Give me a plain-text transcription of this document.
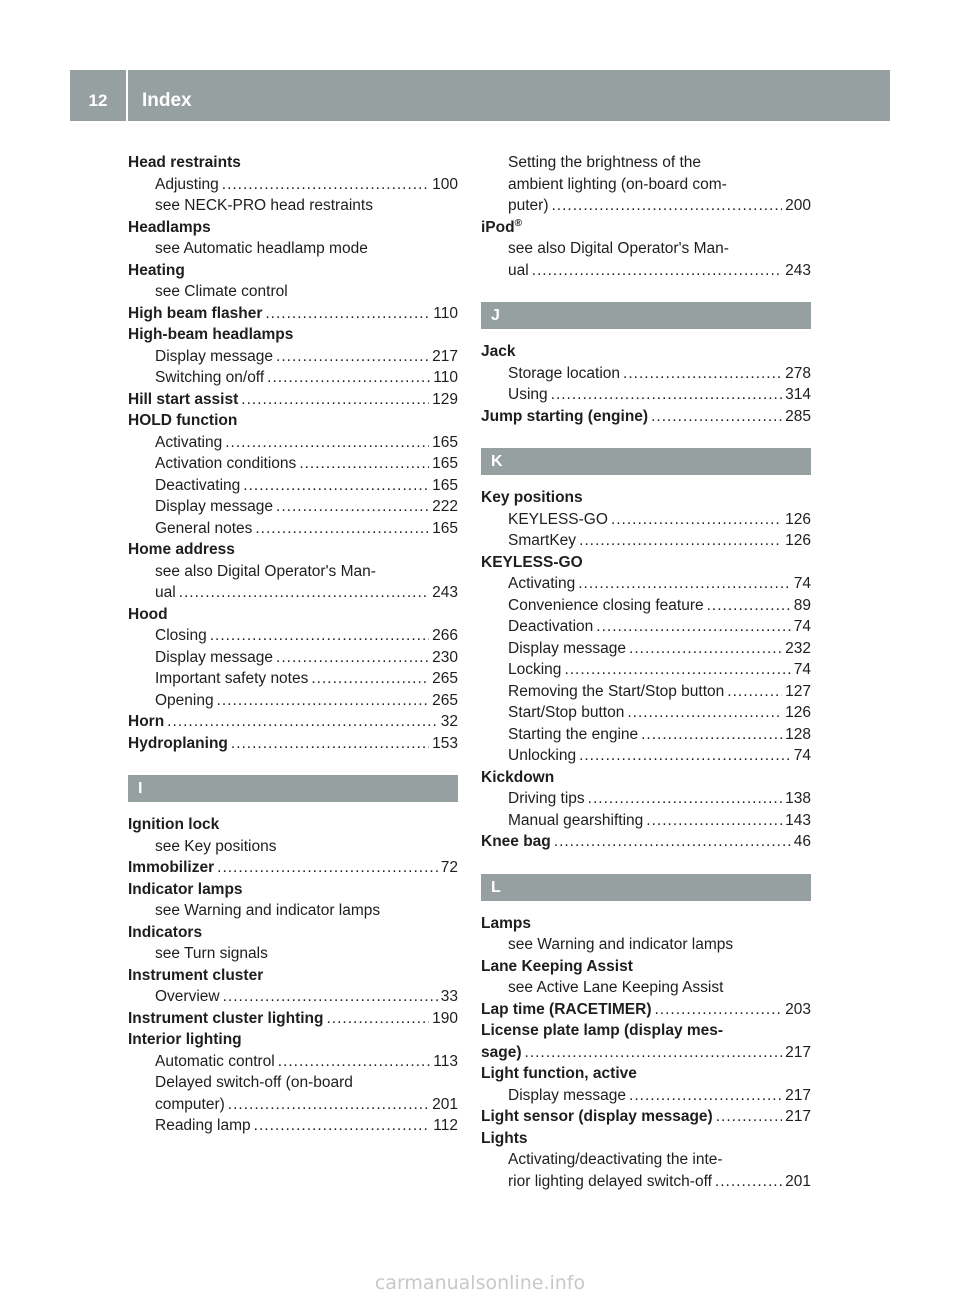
12	Index
Head restraints
Adjusting .....	100
see NECK-PRO head restraints
Headlamps
see Automatic headlamp mode
Heating
see Climate control
High beam flasher .....	110
High-beam headlamps
Display message .....	217
Switching on/off .....	110
Hill start assist .....	129
HOLD function
Activating .....	165
Activation conditions .....	165
Deactivating .....	165
Display message .....	222
General notes .....	165
Home address
see also Digital Operator's Man-
ual .....	243
Hood
Closing .....	266
Display message .....	230
Important safety notes .....	265
Opening .....	265
Horn .....	32
Hydroplaning .....	153
I
Ignition lock
see Key positions
Immobilizer .....	72
Indicator lamps
see Warning and indicator lamps
Indicators
see Turn signals
Instrument cluster
Overview .....	33
Instrument cluster lighting .....	190
Interior lighting
Automatic control .....	113
Delayed switch-off (on-board
computer) .....	201
Reading lamp .....	112
Setting the brightness of the
ambient lighting (on-board com-
puter) .....	200
iPod®
see also Digital Operator's Man-
ual .....	243
J
Jack
Storage location .....	278
Using .....	314
Jump starting (engine) .....	285
K
Key positions
KEYLESS-GO .....	126
SmartKey .....	126
KEYLESS-GO
Activating .....	74
Convenience closing feature .....	89
Deactivation .....	74
Display message .....	232
Locking .....	74
Removing the Start/Stop button .....	127
Start/Stop button .....	126
Starting the engine .....	128
Unlocking .....	74
Kickdown
Driving tips .....	138
Manual gearshifting .....	143
Knee bag .....	46
L
Lamps
see Warning and indicator lamps
Lane Keeping Assist
see Active Lane Keeping Assist
Lap time (RACETIMER) .....	203
License plate lamp (display mes-
sage) .....	217
Light function, active
Display message .....	217
Light sensor (display message) .....	217
Lights
Activating/deactivating the inte-
rior lighting delayed switch-off .....	201
carmanualsonline.info
